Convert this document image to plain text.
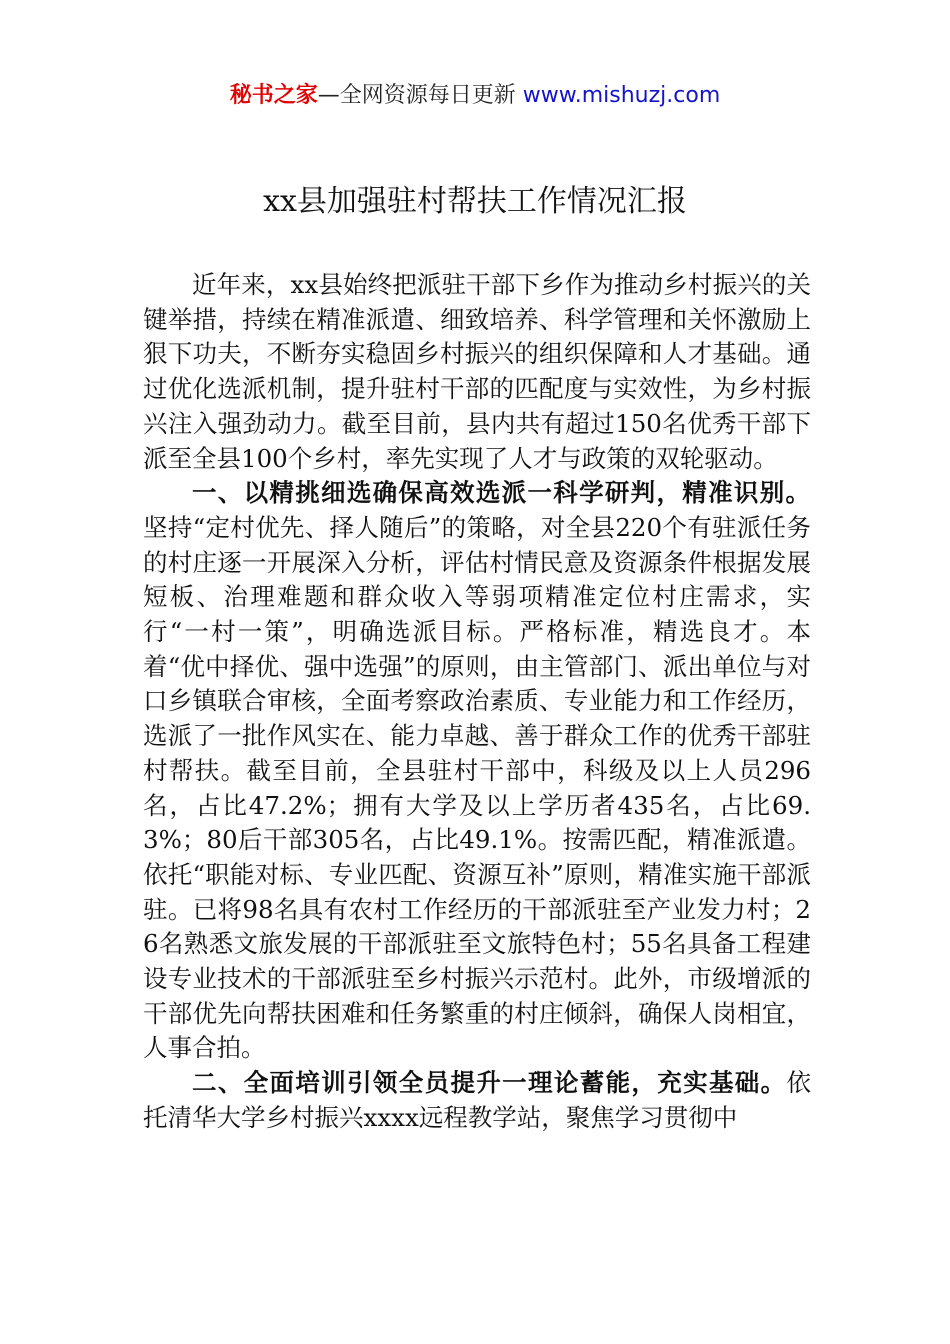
秘书之家—全网资源每日更新 www.mishuzj.com
xx县加强驻村帮扶工作情况汇报

近年来，xx县始终把派驻干部下乡作为推动乡村振兴的关键举措，持续在精准派遣、细致培养、科学管理和关怀激励上狠下功夫，不断夯实稳固乡村振兴的组织保障和人才基础。通过优化选派机制，提升驻村干部的匹配度与实效性，为乡村振兴注入强劲动力。截至目前，县内共有超过150名优秀干部下派至全县100个乡村，率先实现了人才与政策的双轮驱动。

一、以精挑细选确保高效选派一科学研判，精准识别。坚持“定村优先、择人随后”的策略，对全县220个有驻派任务的村庄逐一开展深入分析，评估村情民意及资源条件根据发展短板、治理难题和群众收入等弱项精准定位村庄需求，实行“一村一策”，明确选派目标。严格标准，精选良才。本着“优中择优、强中选强”的原则，由主管部门、派出单位与对口乡镇联合审核，全面考察政治素质、专业能力和工作经历，选派了一批作风实在、能力卓越、善于群众工作的优秀干部驻村帮扶。截至目前，全县驻村干部中，科级及以上人员296名，占比47.2%；拥有大学及以上学历者435名，占比69.3%；80后干部305名，占比49.1%。按需匹配，精准派遣。依托“职能对标、专业匹配、资源互补”原则，精准实施干部派驻。已将98名具有农村工作经历的干部派驻至产业发力村；26名熟悉文旅发展的干部派驻至文旅特色村；55名具备工程建设专业技术的干部派驻至乡村振兴示范村。此外，市级增派的干部优先向帮扶困难和任务繁重的村庄倾斜，确保人岗相宜，人事合拍。

二、全面培训引领全员提升一理论蓄能，充实基础。依托清华大学乡村振兴xxxx远程教学站，聚焦学习贯彻中
